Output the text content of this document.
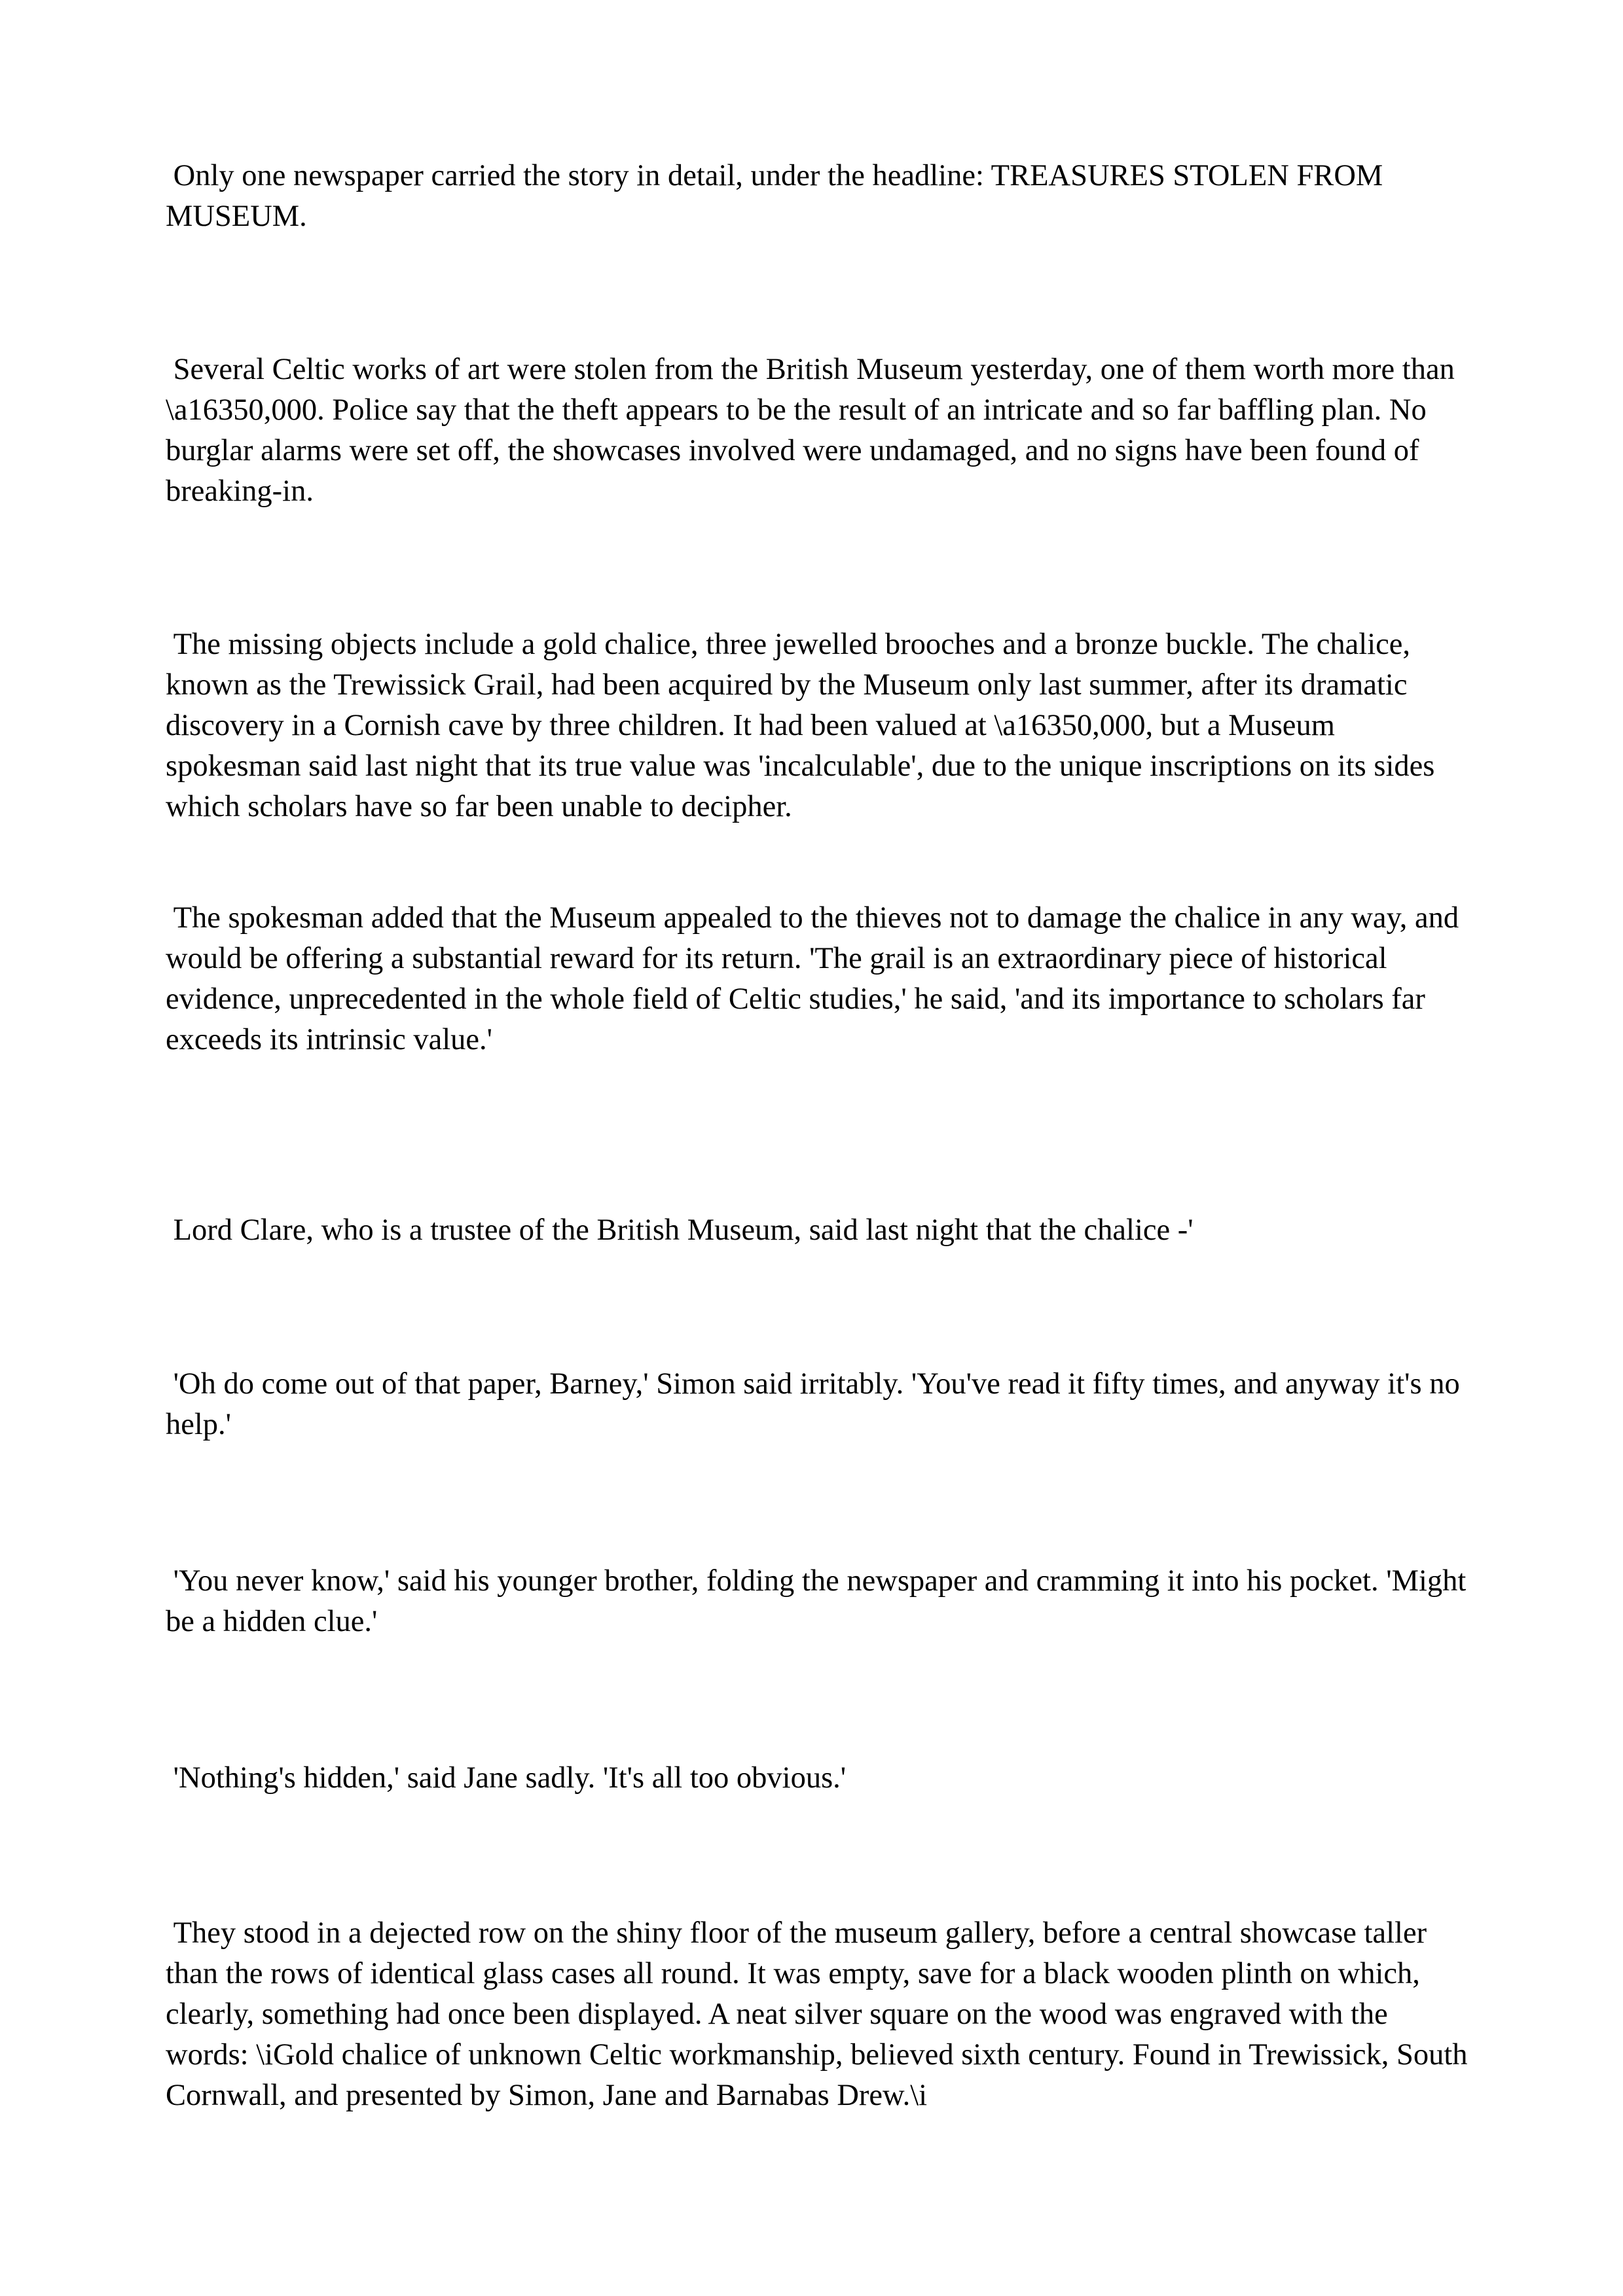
Only one newspaper carried the story in detail, under the headline: TREASURES STOLEN FROM MUSEUM.

Several Celtic works of art were stolen from the British Museum yesterday, one of them worth more than \a16350,000. Police say that the theft appears to be the result of an intricate and so far baffling plan. No burglar alarms were set off, the showcases involved were undamaged, and no signs have been found of breaking-in.

The missing objects include a gold chalice, three jewelled brooches and a bronze buckle. The chalice, known as the Trewissick Grail, had been acquired by the Museum only last summer, after its dramatic discovery in a Cornish cave by three children. It had been valued at \a16350,000, but a Museum spokesman said last night that its true value was 'incalculable', due to the unique inscriptions on its sides which scholars have so far been unable to decipher.

The spokesman added that the Museum appealed to the thieves not to damage the chalice in any way, and would be offering a substantial reward for its return. 'The grail is an extraordinary piece of historical evidence, unprecedented in the whole field of Celtic studies,' he said, 'and its importance to scholars far exceeds its intrinsic value.'

Lord Clare, who is a trustee of the British Museum, said last night that the chalice -'

'Oh do come out of that paper, Barney,' Simon said irritably. 'You've read it fifty times, and anyway it's no help.'

'You never know,' said his younger brother, folding the newspaper and cramming it into his pocket. 'Might be a hidden clue.'

'Nothing's hidden,' said Jane sadly. 'It's all too obvious.'

They stood in a dejected row on the shiny floor of the museum gallery, before a central showcase taller than the rows of identical glass cases all round. It was empty, save for a black wooden plinth on which, clearly, something had once been displayed. A neat silver square on the wood was engraved with the words: \iGold chalice of unknown Celtic workmanship, believed sixth century. Found in Trewissick, South Cornwall, and presented by Simon, Jane and Barnabas Drew.\i
